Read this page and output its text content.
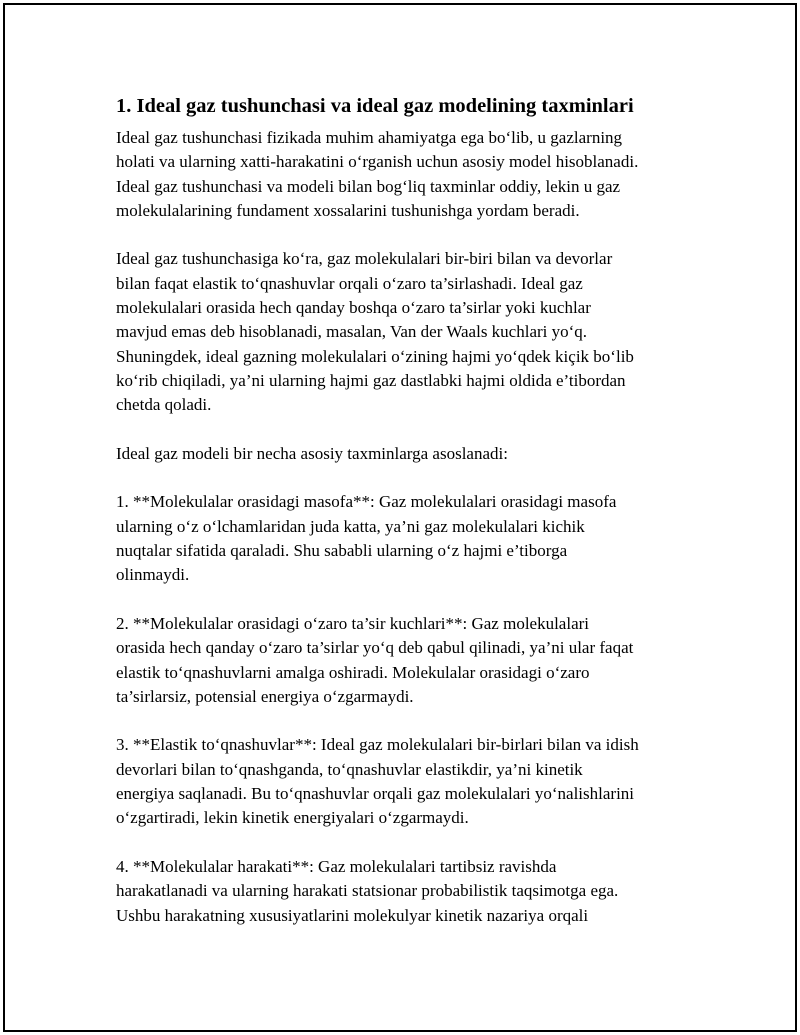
1. Ideal gaz tushunchasi va ideal gaz modelining taxminlari
Ideal gaz tushunchasi fizikada muhim ahamiyatga ega bo‘lib, u gazlarning
holati va ularning xatti-harakatini o‘rganish uchun asosiy model hisoblanadi.
Ideal gaz tushunchasi va modeli bilan bog‘liq taxminlar oddiy, lekin u gaz
molekulalarining fundament xossalarini tushunishga yordam beradi.
Ideal gaz tushunchasiga ko‘ra, gaz molekulalari bir-biri bilan va devorlar
bilan faqat elastik to‘qnashuvlar orqali o‘zaro ta’sirlashadi. Ideal gaz
molekulalari orasida hech qanday boshqa o‘zaro ta’sirlar yoki kuchlar
mavjud emas deb hisoblanadi, masalan, Van der Waals kuchlari yo‘q.
Shuningdek, ideal gazning molekulalari o‘zining hajmi yo‘qdek kiçik bo‘lib
ko‘rib chiqiladi, ya’ni ularning hajmi gaz dastlabki hajmi oldida e’tibordan
chetda qoladi.
Ideal gaz modeli bir necha asosiy taxminlarga asoslanadi:
1. **Molekulalar orasidagi masofa**: Gaz molekulalari orasidagi masofa
ularning o‘z o‘lchamlaridan juda katta, ya’ni gaz molekulalari kichik
nuqtalar sifatida qaraladi. Shu sababli ularning o‘z hajmi e’tiborga
olinmaydi.
2. **Molekulalar orasidagi o‘zaro ta’sir kuchlari**: Gaz molekulalari
orasida hech qanday o‘zaro ta’sirlar yo‘q deb qabul qilinadi, ya’ni ular faqat
elastik to‘qnashuvlarni amalga oshiradi. Molekulalar orasidagi o‘zaro
ta’sirlarsiz, potensial energiya o‘zgarmaydi.
3. **Elastik to‘qnashuvlar**: Ideal gaz molekulalari bir-birlari bilan va idish
devorlari bilan to‘qnashganda, to‘qnashuvlar elastikdir, ya’ni kinetik
energiya saqlanadi. Bu to‘qnashuvlar orqali gaz molekulalari yo‘nalishlarini
o‘zgartiradi, lekin kinetik energiyalari o‘zgarmaydi.
4. **Molekulalar harakati**: Gaz molekulalari tartibsiz ravishda
harakatlanadi va ularning harakati statsionar probabilistik taqsimotga ega.
Ushbu harakatning xususiyatlarini molekulyar kinetik nazariya orqali
